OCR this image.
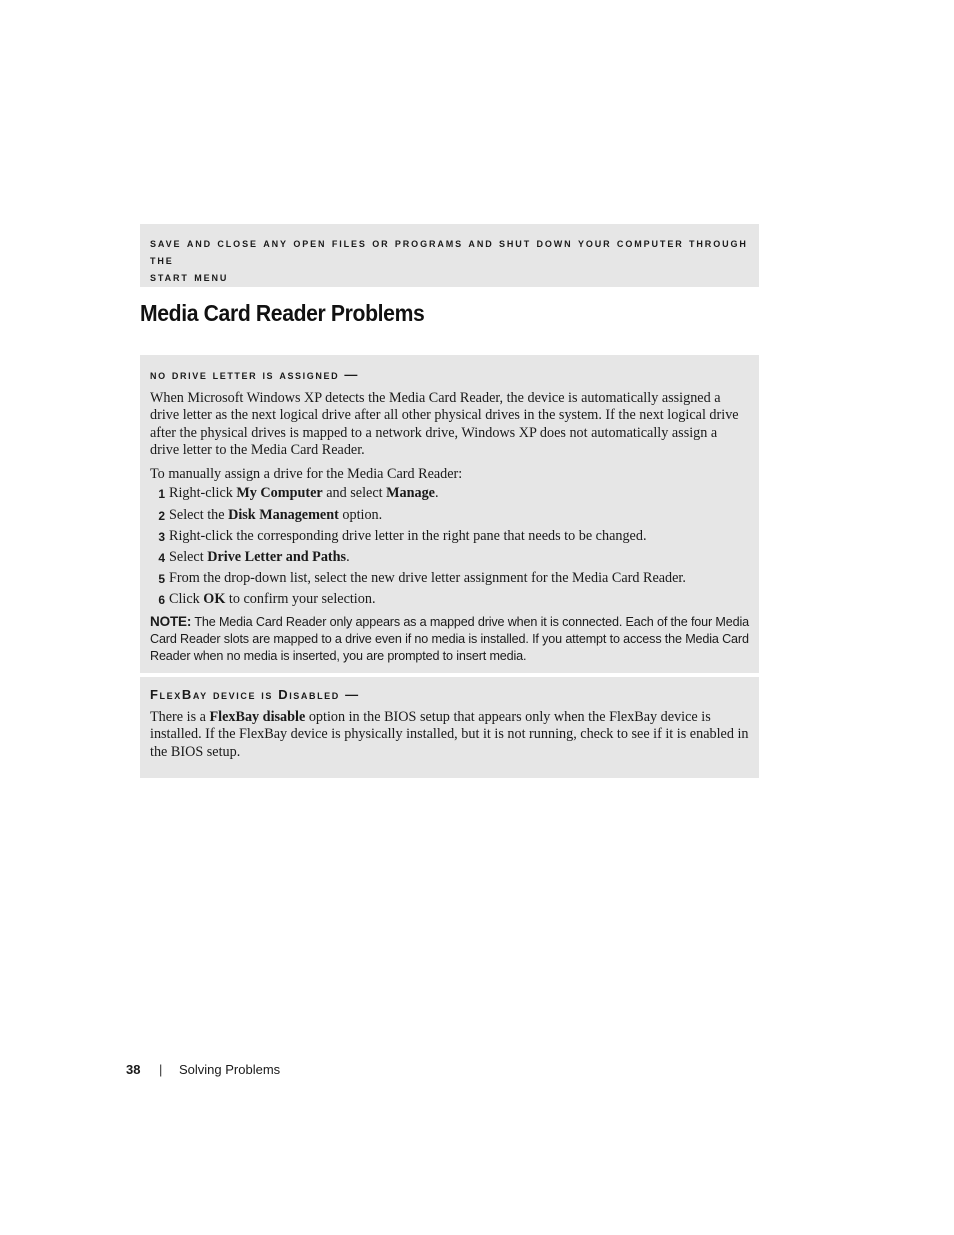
save and close any open files or programs and shut down your computer through the
start menu
Media Card Reader Problems
no drive letter is assigned —

When Microsoft Windows XP detects the Media Card Reader, the device is automatically assigned a drive letter as the next logical drive after all other physical drives in the system. If the next logical drive after the physical drives is mapped to a network drive, Windows XP does not automatically assign a drive letter to the Media Card Reader.

To manually assign a drive for the Media Card Reader:

1 Right-click My Computer and select Manage.
2 Select the Disk Management option.
3 Right-click the corresponding drive letter in the right pane that needs to be changed.
4 Select Drive Letter and Paths.
5 From the drop-down list, select the new drive letter assignment for the Media Card Reader.
6 Click OK to confirm your selection.

NOTE: The Media Card Reader only appears as a mapped drive when it is connected. Each of the four Media Card Reader slots are mapped to a drive even if no media is installed. If you attempt to access the Media Card Reader when no media is inserted, you are prompted to insert media.

FlexBay device is Disabled —

There is a FlexBay disable option in the BIOS setup that appears only when the FlexBay device is installed. If the FlexBay device is physically installed, but it is not running, check to see if it is enabled in the BIOS setup.

38 | Solving Problems
